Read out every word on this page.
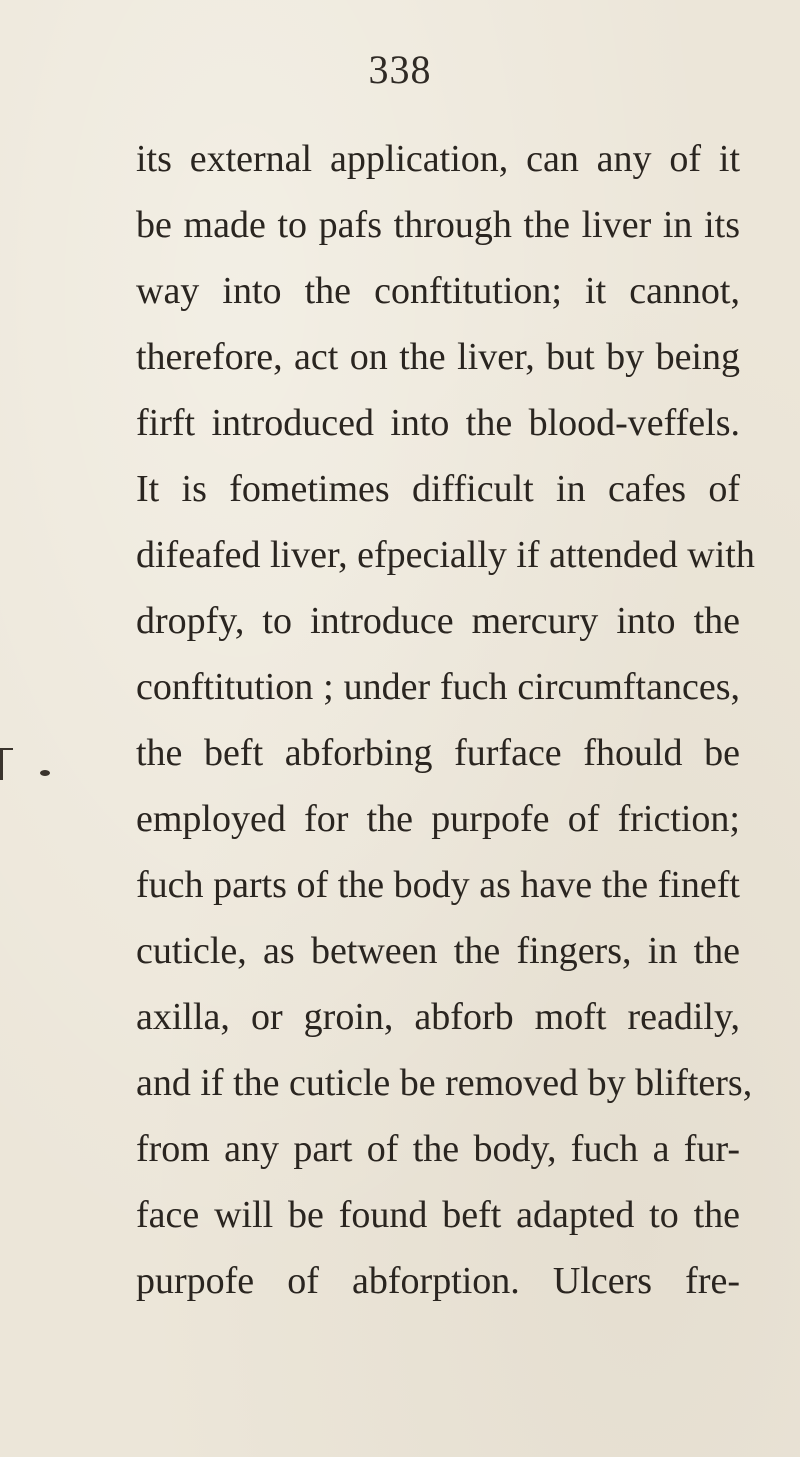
338
its external application, can any of it
be made to pafs through the liver in its
way into the conftitution; it cannot,
therefore, act on the liver, but by being
firft introduced into the blood-veffels.
It is fometimes difficult in cafes of
difeafed liver, efpecially if attended with
dropfy, to introduce mercury into the
conftitution ; under fuch circumftances,
the beft abforbing furface fhould be
employed for the purpofe of friction;
fuch parts of the body as have the fineft
cuticle, as between the fingers, in the
axilla, or groin, abforb moft readily,
and if the cuticle be removed by blifters,
from any part of the body, fuch a fur-
face will be found beft adapted to the
purpofe of abforption. Ulcers fre-
